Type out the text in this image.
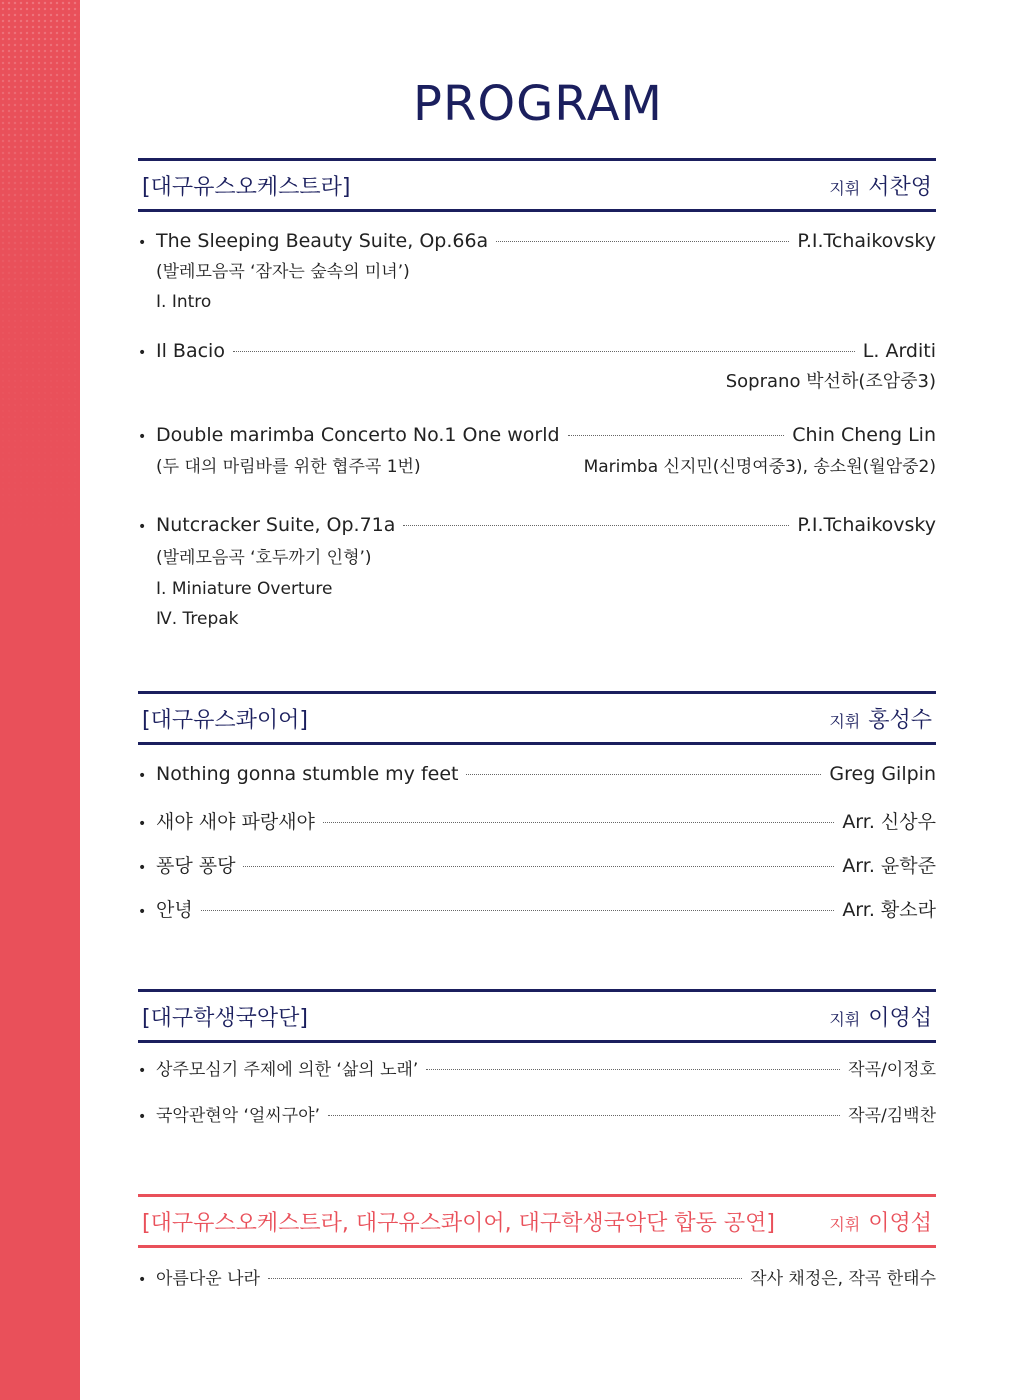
PROGRAM
[대구유스오케스트라]	지휘 서찬영
• The Sleeping Beauty Suite, Op.66a	P.I.Tchaikovsky
(발레모음곡 ‘잠자는 숲속의 미녀’)
Ⅰ. Intro
• Il Bacio	L. Arditi
Soprano 박선하(조암중3)
• Double marimba Concerto No.1 One world	Chin Cheng Lin
(두 대의 마림바를 위한 협주곡 1번)	Marimba 신지민(신명여중3), 송소원(월암중2)
• Nutcracker Suite, Op.71a	P.I.Tchaikovsky
(발레모음곡 ‘호두까기 인형’)
Ⅰ. Miniature Overture
Ⅳ. Trepak
[대구유스콰이어]	지휘 홍성수
• Nothing gonna stumble my feet	Greg Gilpin
• 새야 새야 파랑새야	Arr. 신상우
• 퐁당 퐁당	Arr. 윤학준
• 안녕	Arr. 황소라
[대구학생국악단]	지휘 이영섭
• 상주모심기 주제에 의한 ‘삶의 노래’	작곡/이정호
• 국악관현악 ‘얼씨구야’	작곡/김백찬
[대구유스오케스트라, 대구유스콰이어, 대구학생국악단 합동 공연]	지휘 이영섭
• 아름다운 나라	작사 채정은, 작곡 한태수
